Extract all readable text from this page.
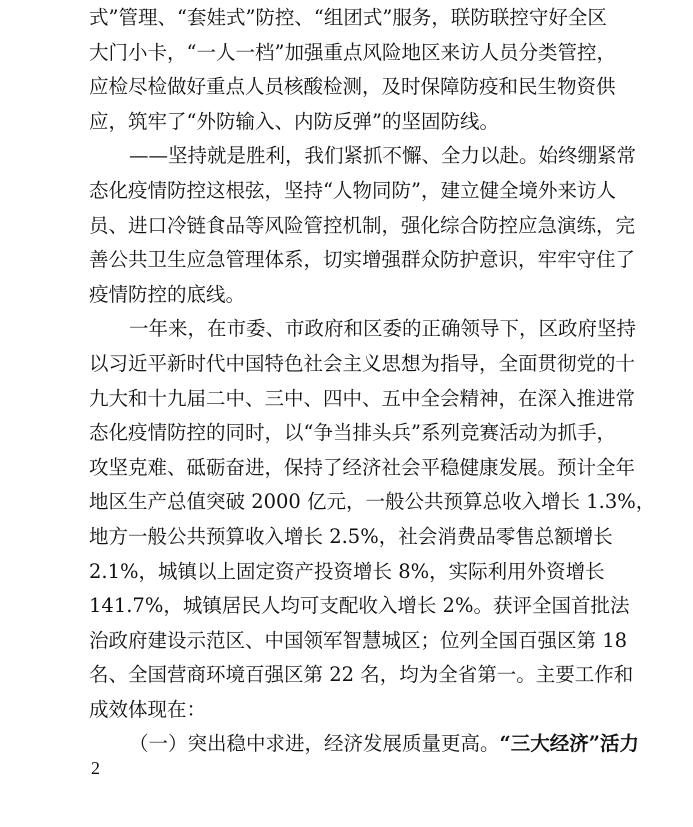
式”管理、“套娃式”防控、“组团式”服务，联防联控守好全区
大门小卡，“一人一档”加强重点风险地区来访人员分类管控，
应检尽检做好重点人员核酸检测，及时保障防疫和民生物资供
应，筑牢了“外防输入、内防反弹”的坚固防线。
——坚持就是胜利，我们紧抓不懈、全力以赴。始终绷紧常
态化疫情防控这根弦，坚持“人物同防”，建立健全境外来访人
员、进口冷链食品等风险管控机制，强化综合防控应急演练，完
善公共卫生应急管理体系，切实增强群众防护意识，牢牢守住了
疫情防控的底线。
一年来，在市委、市政府和区委的正确领导下，区政府坚持
以习近平新时代中国特色社会主义思想为指导，全面贯彻党的十
九大和十九届二中、三中、四中、五中全会精神，在深入推进常
态化疫情防控的同时，以“争当排头兵”系列竞赛活动为抓手，
攻坚克难、砥砺奋进，保持了经济社会平稳健康发展。预计全年
地区生产总值突破 2000 亿元，一般公共预算总收入增长 1.3%，
地方一般公共预算收入增长 2.5%，社会消费品零售总额增长
2.1%，城镇以上固定资产投资增长 8%，实际利用外资增长
141.7%，城镇居民人均可支配收入增长 2%。获评全国首批法
治政府建设示范区、中国领军智慧城区；位列全国百强区第 18
名、全国营商环境百强区第 22 名，均为全省第一。主要工作和
成效体现在：
（一）突出稳中求进，经济发展质量更高。“三大经济”活力
2
